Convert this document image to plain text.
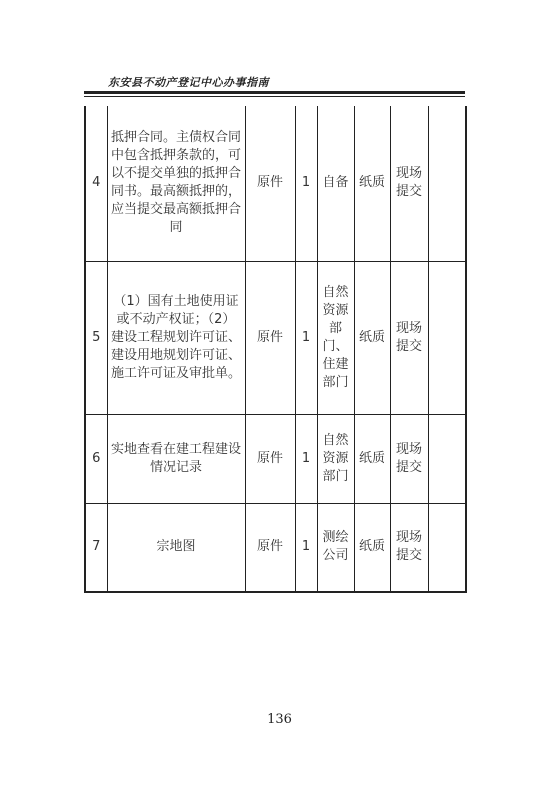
东安县不动产登记中心办事指南
4	抵押合同。主债权合同中包含抵押条款的，可以不提交单独的抵押合同书。最高额抵押的，应当提交最高额抵押合同	原件	1	自备	纸质	现场提交	
5	（1）国有土地使用证或不动产权证；（2）建设工程规划许可证、建设用地规划许可证、施工许可证及审批单。	原件	1	自然资源部门、住建部门	纸质	现场提交	
6	实地查看在建工程建设情况记录	原件	1	自然资源部门	纸质	现场提交	
7	宗地图	原件	1	测绘公司	纸质	现场提交	
136
